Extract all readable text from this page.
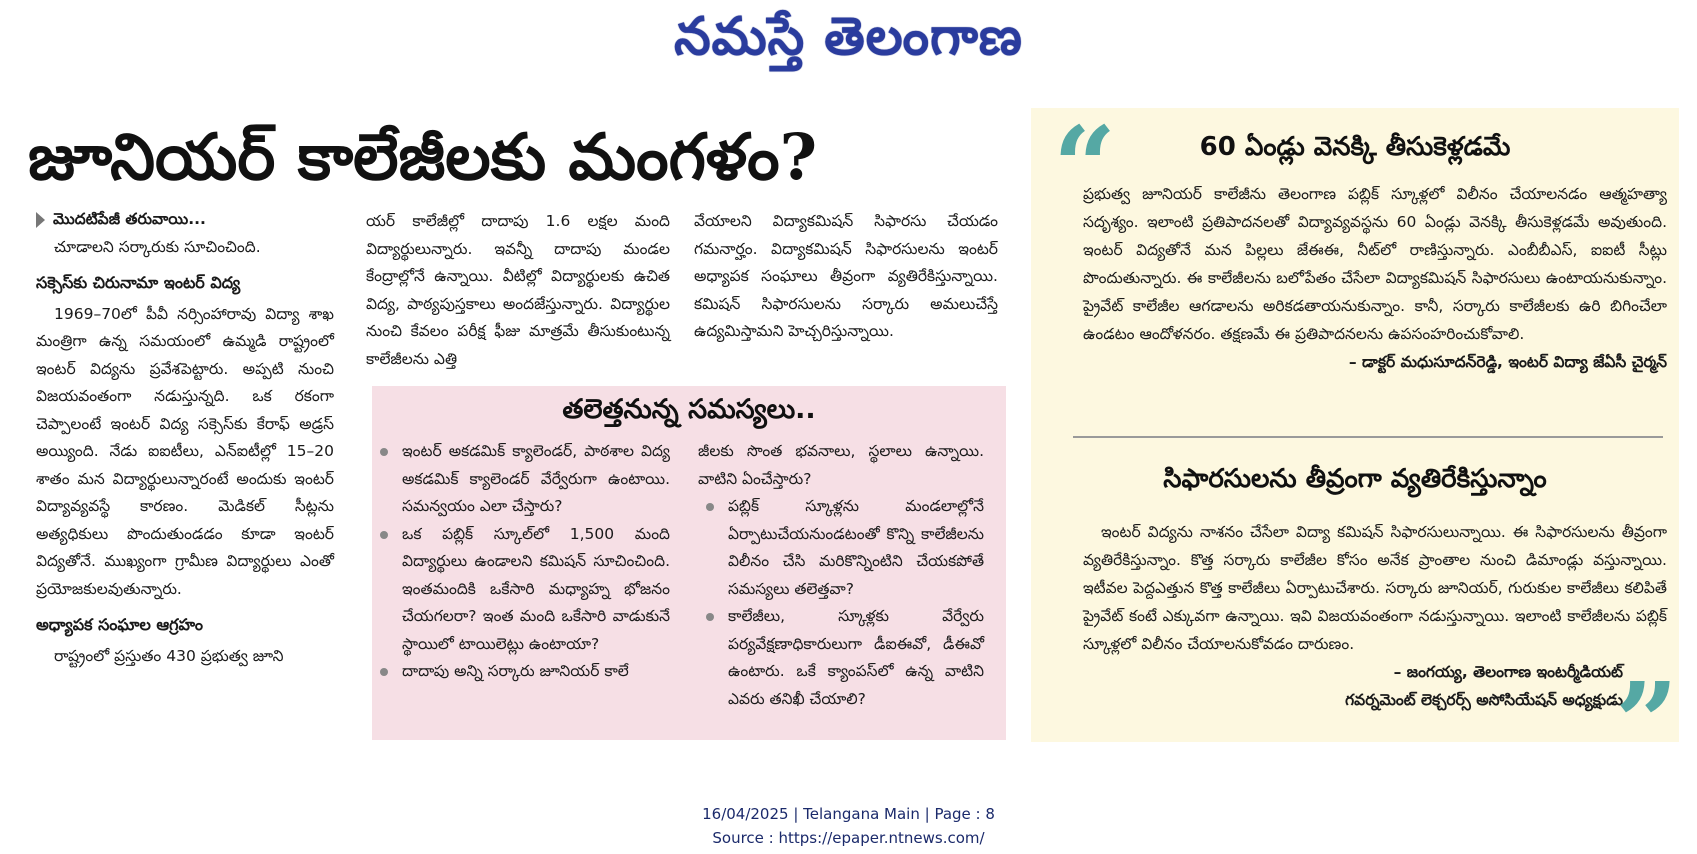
నమస్తే తెలంగాణ
జూనియర్ కాలేజీలకు మంగళం?

మొదటిపేజీ తరువాయి...

చూడాలని సర్కారుకు సూచించింది.

సక్సెస్‌కు చిరునామా ఇంటర్ విద్య

1969–70లో పీవీ నర్సింహారావు విద్యా శాఖ మంత్రిగా ఉన్న సమయంలో ఉమ్మడి రాష్ట్రంలో ఇంటర్ విద్యను ప్రవేశపెట్టారు. అప్పటి నుంచి విజయవంతంగా నడుస్తున్నది. ఒక రకంగా చెప్పాలంటే ఇంటర్ విద్య సక్సెస్‌కు కేరాఫ్ అడ్రస్ అయ్యింది. నేడు ఐఐటీలు, ఎన్ఐటీల్లో 15–20 శాతం మన విద్యార్థులున్నారంటే అందుకు ఇంటర్ విద్యావ్యవస్థే కారణం. మెడికల్ సీట్లను అత్యధికులు పొందుతుండడం కూడా ఇంటర్ విద్యతోనే. ముఖ్యంగా గ్రామీణ విద్యార్థులు ఎంతో ప్రయోజకులవుతున్నారు.

అధ్యాపక సంఘాల ఆగ్రహం

రాష్ట్రంలో ప్రస్తుతం 430 ప్రభుత్వ జూని

యర్ కాలేజీల్లో దాదాపు 1.6 లక్షల మంది విద్యార్థులున్నారు. ఇవన్నీ దాదాపు మండల కేంద్రాల్లోనే ఉన్నాయి. వీటిల్లో విద్యార్థులకు ఉచిత విద్య, పాఠ్యపుస్తకాలు అందజేస్తున్నారు. విద్యార్థుల నుంచి కేవలం పరీక్ష ఫీజు మాత్రమే తీసుకుంటున్న కాలేజీలను ఎత్తి

వేయాలని విద్యాకమిషన్ సిఫారసు చేయడం గమనార్హం. విద్యాకమిషన్ సిఫారసులను ఇంటర్ అధ్యాపక సంఘాలు తీవ్రంగా వ్యతిరేకిస్తున్నాయి. కమిషన్ సిఫారసులను సర్కారు అమలుచేస్తే ఉద్యమిస్తామని హెచ్చరిస్తున్నాయి.

తలెత్తనున్న సమస్యలు..
ఇంటర్ అకడమిక్ క్యాలెండర్, పాఠశాల విద్య అకడమిక్ క్యాలెండర్ వేర్వేరుగా ఉంటాయి. సమన్వయం ఎలా చేస్తారు?
ఒక పబ్లిక్ స్కూల్‌లో 1,500 మంది విద్యార్థులు ఉండాలని కమిషన్ సూచించింది. ఇంతమందికి ఒకేసారి మధ్యాహ్న భోజనం చేయగలరా? ఇంత మంది ఒకేసారి వాడుకునే స్థాయిలో టాయిలెట్లు ఉంటాయా?
దాదాపు అన్ని సర్కారు జూనియర్ కాలే
జీలకు సొంత భవనాలు, స్థలాలు ఉన్నాయి. వాటిని ఏంచేస్తారు?
పబ్లిక్ స్కూళ్లను మండలాల్లోనే ఏర్పాటుచేయనుండటంతో కొన్ని కాలేజీలను విలీనం చేసి మరికొన్నింటిని చేయకపోతే సమస్యలు తలెత్తవా?
కాలేజీలు, స్కూళ్లకు వేర్వేరు పర్యవేక్షణాధికారులుగా డీఐఈవో, డీఈవో ఉంటారు. ఒకే క్యాంపస్‌లో ఉన్న వాటిని ఎవరు తనిఖీ చేయాలి?
“	60 ఏండ్లు వెనక్కి తీసుకెళ్లడమే

ప్రభుత్వ జూనియర్ కాలేజీను తెలంగాణ పబ్లిక్ స్కూళ్లలో విలీనం చేయాలనడం ఆత్మహత్యా సదృశ్యం. ఇలాంటి ప్రతిపాదనలతో విద్యావ్యవస్థను 60 ఏండ్లు వెనక్కి తీసుకెళ్లడమే అవుతుంది. ఇంటర్ విద్యతోనే మన పిల్లలు జేఈఈ, నీట్‌లో రాణిస్తున్నారు. ఎంబీబీఎస్, ఐఐటీ సీట్లు పొందుతున్నారు. ఈ కాలేజీలను బలోపేతం చేసేలా విద్యాకమిషన్ సిఫారసులు ఉంటాయనుకున్నాం. ప్రైవేట్ కాలేజీల ఆగడాలను అరికడతాయనుకున్నాం. కానీ, సర్కారు కాలేజీలకు ఉరి బిగించేలా ఉండటం ఆందోళనరం. తక్షణమే ఈ ప్రతిపాదనలను ఉపసంహరించుకోవాలి.

– డాక్టర్ మధుసూదన్‌రెడ్డి, ఇంటర్ విద్యా జేఏసీ చైర్మన్

సిఫారసులను తీవ్రంగా వ్యతిరేకిస్తున్నాం

ఇంటర్ విద్యను నాశనం చేసేలా విద్యా కమిషన్ సిఫారసులున్నాయి. ఈ సిఫారసులను తీవ్రంగా వ్యతిరేకిస్తున్నాం. కొత్త సర్కారు కాలేజీల కోసం అనేక ప్రాంతాల నుంచి డిమాండ్లు వస్తున్నాయి. ఇటీవల పెద్దఎత్తున కొత్త కాలేజీలు ఏర్పాటుచేశారు. సర్కారు జూనియర్, గురుకుల కాలేజీలు కలిపితే ప్రైవేట్ కంటే ఎక్కువగా ఉన్నాయి. ఇవి విజయవంతంగా నడుస్తున్నాయి. ఇలాంటి కాలేజీలను పబ్లిక్ స్కూళ్లలో విలీనం చేయాలనుకోవడం దారుణం.

– జంగయ్య, తెలంగాణ ఇంటర్మీడియట్

గవర్నమెంట్ లెక్చరర్స్ అసోసియేషన్ అధ్యక్షుడు

”
16/04/2025 | Telangana Main | Page : 8
Source : https://epaper.ntnews.com/
